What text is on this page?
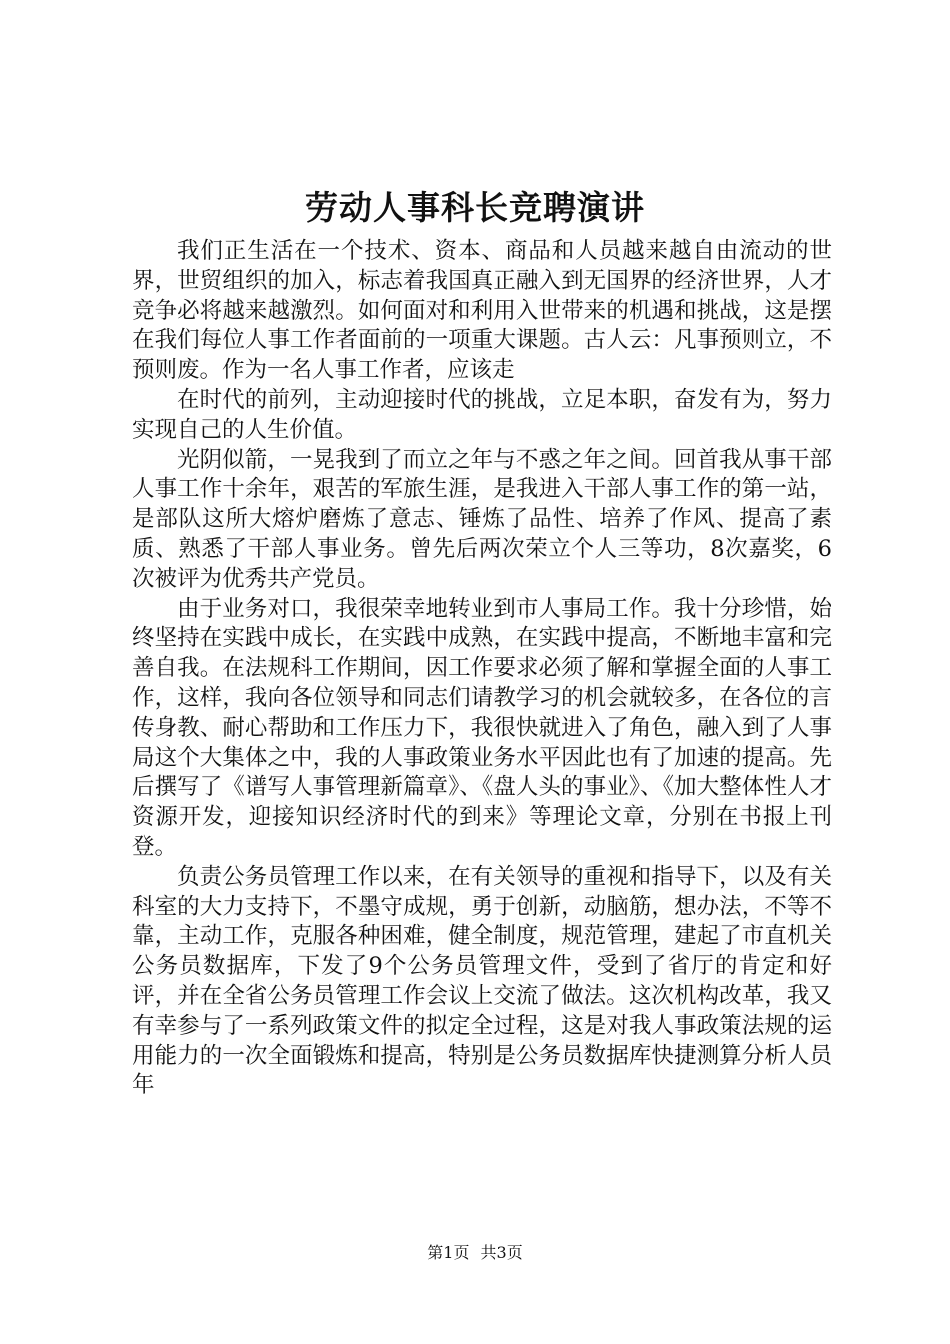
劳动人事科长竞聘演讲

我们正生活在一个技术、资本、商品和人员越来越自由流动的世界，世贸组织的加入，标志着我国真正融入到无国界的经济世界，人才竞争必将越来越激烈。如何面对和利用入世带来的机遇和挑战，这是摆在我们每位人事工作者面前的一项重大课题。古人云：凡事预则立，不预则废。作为一名人事工作者，应该走

在时代的前列，主动迎接时代的挑战，立足本职，奋发有为，努力实现自己的人生价值。

光阴似箭，一晃我到了而立之年与不惑之年之间。回首我从事干部人事工作十余年，艰苦的军旅生涯，是我进入干部人事工作的第一站，是部队这所大熔炉磨炼了意志、锤炼了品性、培养了作风、提高了素质、熟悉了干部人事业务。曾先后两次荣立个人三等功，8次嘉奖，6次被评为优秀共产党员。

由于业务对口，我很荣幸地转业到市人事局工作。我十分珍惜，始终坚持在实践中成长，在实践中成熟，在实践中提高，不断地丰富和完善自我。在法规科工作期间，因工作要求必须了解和掌握全面的人事工作，这样，我向各位领导和同志们请教学习的机会就较多，在各位的言传身教、耐心帮助和工作压力下，我很快就进入了角色，融入到了人事局这个大集体之中，我的人事政策业务水平因此也有了加速的提高。先后撰写了《谱写人事管理新篇章》、《盘人头的事业》、《加大整体性人才资源开发，迎接知识经济时代的到来》等理论文章，分别在书报上刊登。

负责公务员管理工作以来，在有关领导的重视和指导下，以及有关科室的大力支持下，不墨守成规，勇于创新，动脑筋，想办法，不等不靠，主动工作，克服各种困难，健全制度，规范管理，建起了市直机关公务员数据库，下发了9个公务员管理文件，受到了省厅的肯定和好评，并在全省公务员管理工作会议上交流了做法。这次机构改革，我又有幸参与了一系列政策文件的拟定全过程，这是对我人事政策法规的运用能力的一次全面锻炼和提高，特别是公务员数据库快捷测算分析人员年

第1页 共3页
